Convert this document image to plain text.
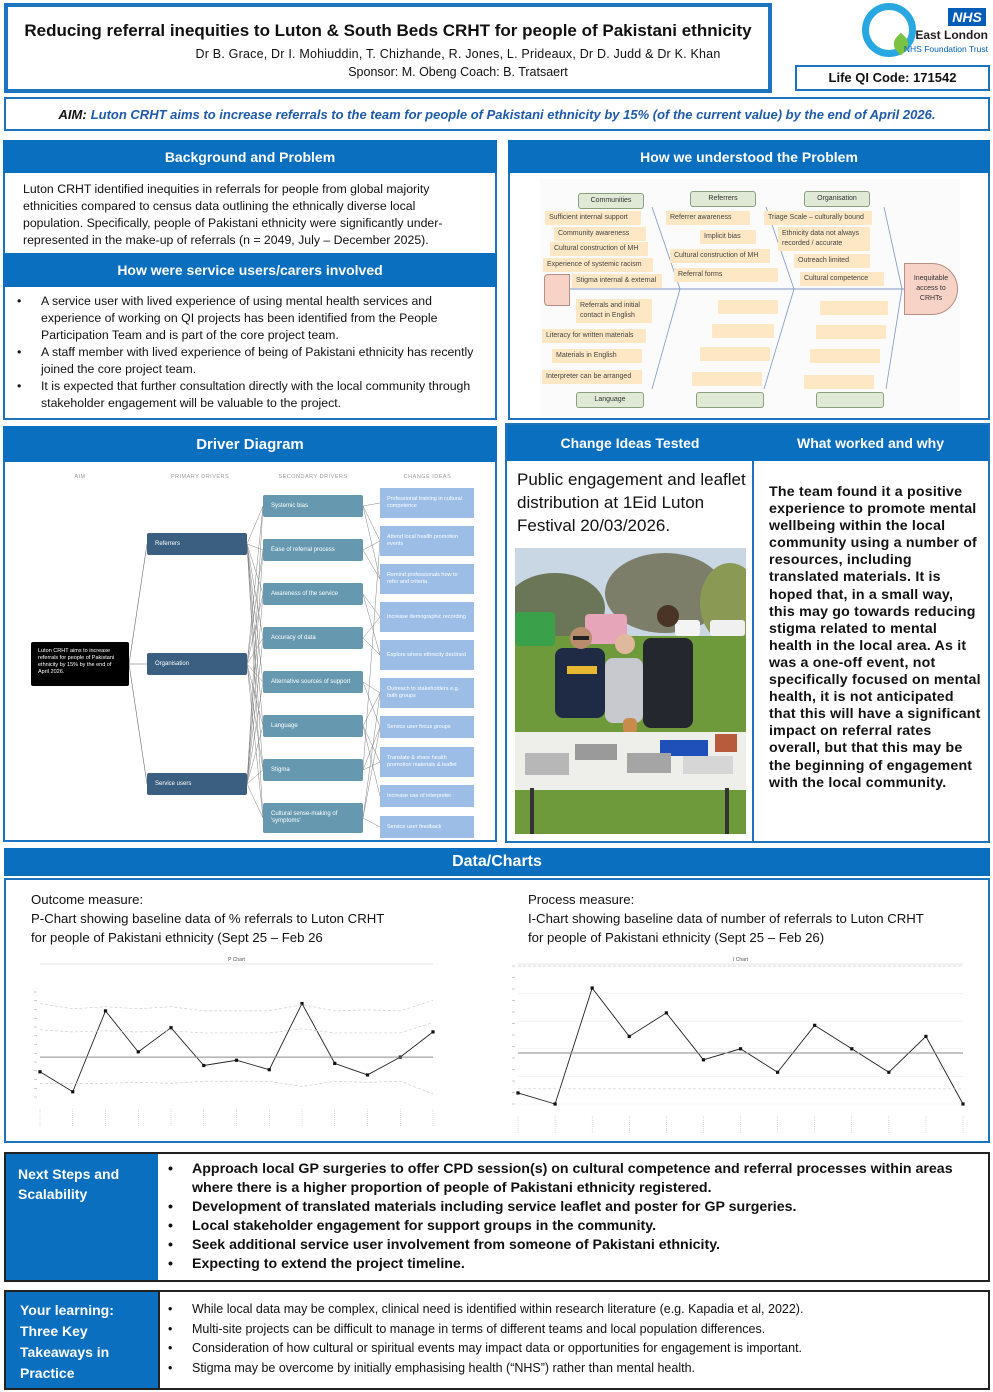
Reducing referral inequities to Luton & South Beds CRHT for people of Pakistani ethnicity
Dr B. Grace, Dr I. Mohiuddin, T. Chizhande, R. Jones, L. Prideaux, Dr D. Judd & Dr K. Khan
Sponsor: M. Obeng Coach: B. Tratsaert
NHS
East London
NHS Foundation Trust
Life QI Code: 171542
AIM: Luton CRHT aims to increase referrals to the team for people of Pakistani ethnicity by 15% (of the current value) by the end of April 2026.
Background and Problem
Luton CRHT identified inequities in referrals for people from global majority ethnicities compared to census data outlining the ethnically diverse local population. Specifically, people of Pakistani ethnicity were significantly under-represented in the make-up of referrals (n = 2049, July – December 2025).
How were service users/carers involved
• A service user with lived experience of using mental health services and experience of working on QI projects has been identified from the People Participation Team and is part of the core project team.
• A staff member with lived experience of being of Pakistani ethnicity has recently joined the core project team.
• It is expected that further consultation directly with the local community through stakeholder engagement will be valuable to the project.
How we understood the Problem
Inequitable access to CRHTs
Communities	Referrers	Organisation
Language
Sufficient internal support
Community awareness
Cultural construction of MH
Experience of systemic racism
Stigma internal & external
Referrer awareness
Implicit bias
Cultural construction of MH
Referral forms
Triage Scale – culturally bound
Ethnicity data not always recorded / accurate
Outreach limited
Cultural competence
Referrals and initial contact in English
Literacy for written materials
Materials in English
Interpreter can be arranged
Driver Diagram
AIM	PRIMARY DRIVERS	SECONDARY DRIVERS	CHANGE IDEAS
Luton CRHT aims to increase referrals for people of Pakistani ethnicity by 15% by the end of April 2026.
Referrers
Organisation
Service users
Systemic bias
Ease of referral process
Awareness of the service
Accuracy of data
Alternative sources of support
Language
Stigma
Cultural sense-making of 'symptoms'
Professional training in cultural competence
Attend local health promotion events
Remind professionals how to refer and criteria
Increase demographic recording
Explore where ethnicity declined
Outreach to stakeholders e.g. faith groups
Service user focus groups
Translate & share health promotion materials & leaflet
Increase use of interpreter
Service user feedback
Change Ideas Tested	What worked and why
Public engagement and leaflet distribution at 1Eid Luton Festival 20/03/2026.
The team found it a positive experience to promote mental wellbeing within the local community using a number of resources, including translated materials. It is hoped that, in a small way, this may go towards reducing stigma related to mental health in the local area. As it was a one-off event, not specifically focused on mental health, it is not anticipated that this will have a significant impact on referral rates overall, but that this may be the beginning of engagement with the local community.
Data/Charts
Outcome measure:
P-Chart showing baseline data of % referrals to Luton CRHT
for people of Pakistani ethnicity (Sept 25 – Feb 26
Process measure:
I-Chart showing baseline data of number of referrals to Luton CRHT
for people of Pakistani ethnicity (Sept 25 – Feb 26)
P Chart	I Chart
Next Steps and Scalability
• Approach local GP surgeries to offer CPD session(s) on cultural competence and referral processes within areas where there is a higher proportion of people of Pakistani ethnicity registered.
• Development of translated materials including service leaflet and poster for GP surgeries.
• Local stakeholder engagement for support groups in the community.
• Seek additional service user involvement from someone of Pakistani ethnicity.
• Expecting to extend the project timeline.
Your learning: Three Key Takeaways in Practice
• While local data may be complex, clinical need is identified within research literature (e.g. Kapadia et al, 2022).
• Multi-site projects can be difficult to manage in terms of different teams and local population differences.
• Consideration of how cultural or spiritual events may impact data or opportunities for engagement is important.
• Stigma may be overcome by initially emphasising health (“NHS”) rather than mental health.
